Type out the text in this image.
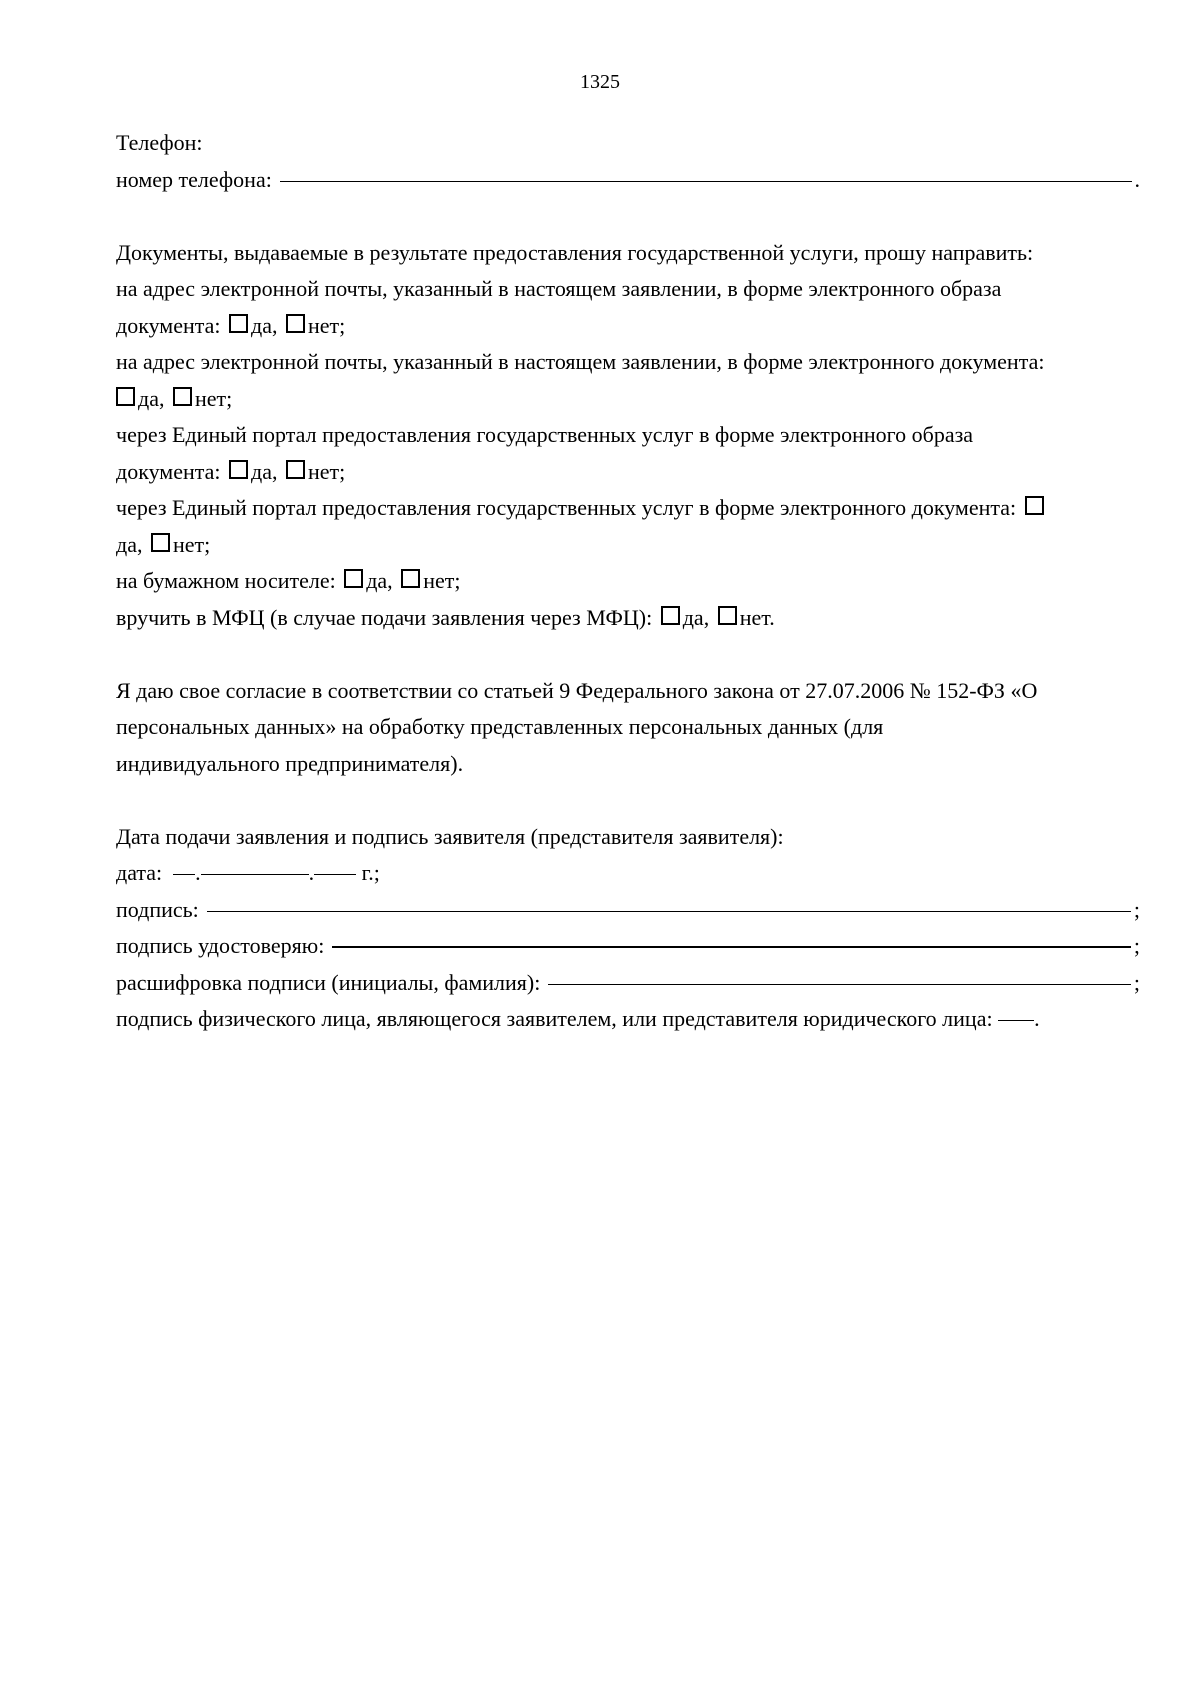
1325
Телефон:
номер телефона:	.
Документы, выдаваемые в результате предоставления государственной услуги, прошу направить:
на адрес электронной почты, указанный в настоящем заявлении, в форме электронного образа
документа:
да,
нет;
на адрес электронной почты, указанный в настоящем заявлении, в форме электронного документа:
да,
нет;
через Единый портал предоставления государственных услуг в форме электронного образа
документа:
да,
нет;
через Единый портал предоставления государственных услуг в форме электронного документа:

да,
нет;
на бумажном носителе:
да,
нет;
вручить в МФЦ (в случае подачи заявления через МФЦ):
да,
нет.
Я даю свое согласие в соответствии со статьей 9 Федерального закона от 27.07.2006 № 152-ФЗ «О
персональных данных» на обработку представленных персональных данных (для
индивидуального предпринимателя).
Дата подачи заявления и подпись заявителя (представителя заявителя):
дата:
.	.
г.;
подпись:	;
подпись удостоверяю:	;
расшифровка подписи (инициалы, фамилия):	;
подпись физического лица, являющегося заявителем, или представителя юридического лица:
.
